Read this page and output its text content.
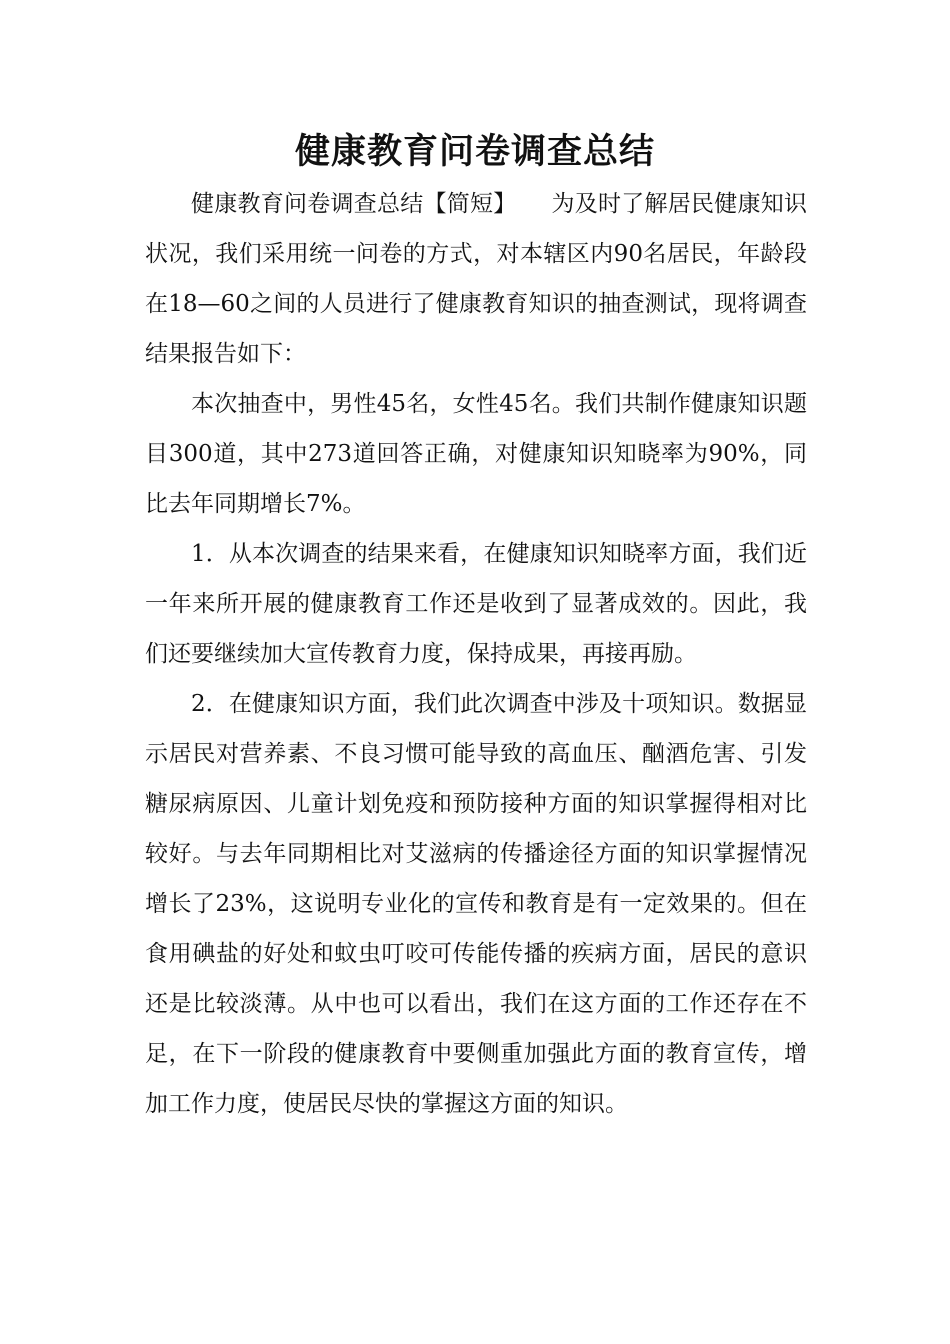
健康教育问卷调查总结

健康教育问卷调查总结【简短】　　为及时了解居民健康知识状况，我们采用统一问卷的方式，对本辖区内90名居民，年龄段在18—60之间的人员进行了健康教育知识的抽查测试，现将调查结果报告如下：

本次抽查中，男性45名，女性45名。我们共制作健康知识题目300道，其中273道回答正确，对健康知识知晓率为90%，同比去年同期增长7%。

1．从本次调查的结果来看，在健康知识知晓率方面，我们近一年来所开展的健康教育工作还是收到了显著成效的。因此，我们还要继续加大宣传教育力度，保持成果，再接再励。

2．在健康知识方面，我们此次调查中涉及十项知识。数据显示居民对营养素、不良习惯可能导致的高血压、酗酒危害、引发糖尿病原因、儿童计划免疫和预防接种方面的知识掌握得相对比较好。与去年同期相比对艾滋病的传播途径方面的知识掌握情况增长了23%，这说明专业化的宣传和教育是有一定效果的。但在食用碘盐的好处和蚊虫叮咬可传能传播的疾病方面，居民的意识还是比较淡薄。从中也可以看出，我们在这方面的工作还存在不足，在下一阶段的健康教育中要侧重加强此方面的教育宣传，增加工作力度，使居民尽快的掌握这方面的知识。
